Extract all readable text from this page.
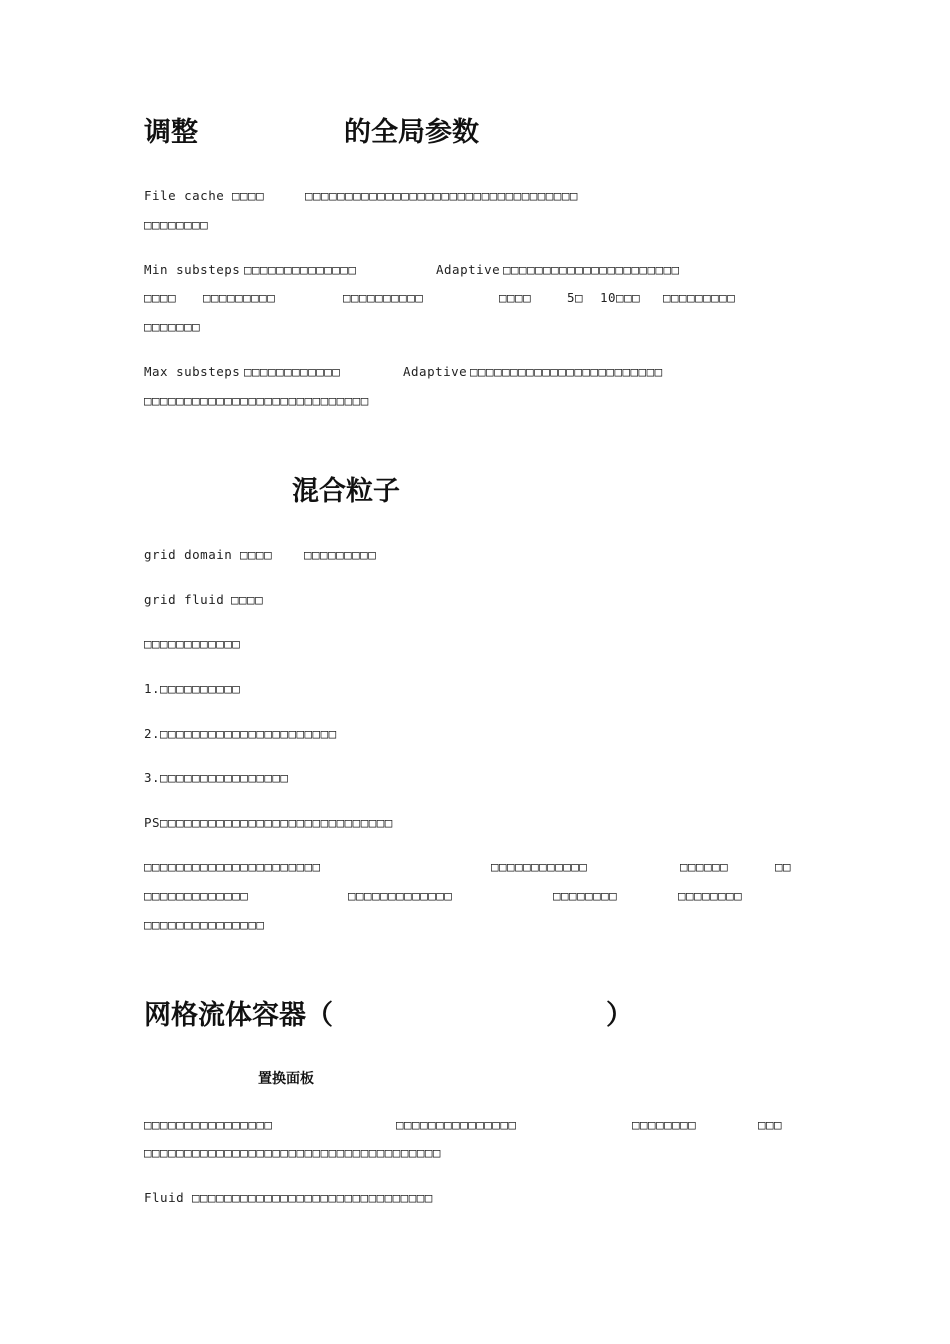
调整	的全局参数
File cache □□□□	□□□□□□□□□□□□□□□□□□□□□□□□□□□□□□□□□□
□□□□□□□□
Min substeps □□□□□□□□□□□□□□	Adaptive □□□□□□□□□□□□□□□□□□□□□□
□□□□ □□□□□□□□□	□□□□□□□□□□	□□□□	5□ 10□□□ □□□□□□□□□
□□□□□□□
Max substeps □□□□□□□□□□□□	Adaptive □□□□□□□□□□□□□□□□□□□□□□□□
□□□□□□□□□□□□□□□□□□□□□□□□□□□□
混合粒子
grid domain □□□□	□□□□□□□□□
grid fluid □□□□
□□□□□□□□□□□□
1.□□□□□□□□□□
2.□□□□□□□□□□□□□□□□□□□□□□
3.□□□□□□□□□□□□□□□□
PS□□□□□□□□□□□□□□□□□□□□□□□□□□□□□
□□□□□□□□□□□□□□□□□□□□□□	□□□□□□□□□□□□	□□□□□□	□□
□□□□□□□□□□□□□	□□□□□□□□□□□□□	□□□□□□□□	□□□□□□□□
□□□□□□□□□□□□□□□
网格流体容器（	）
置换面板
□□□□□□□□□□□□□□□□	□□□□□□□□□□□□□□□	□□□□□□□□	□□□
□□□□□□□□□□□□□□□□□□□□□□□□□□□□□□□□□□□□□
Fluid □□□□□□□□□□□□□□□□□□□□□□□□□□□□□□
